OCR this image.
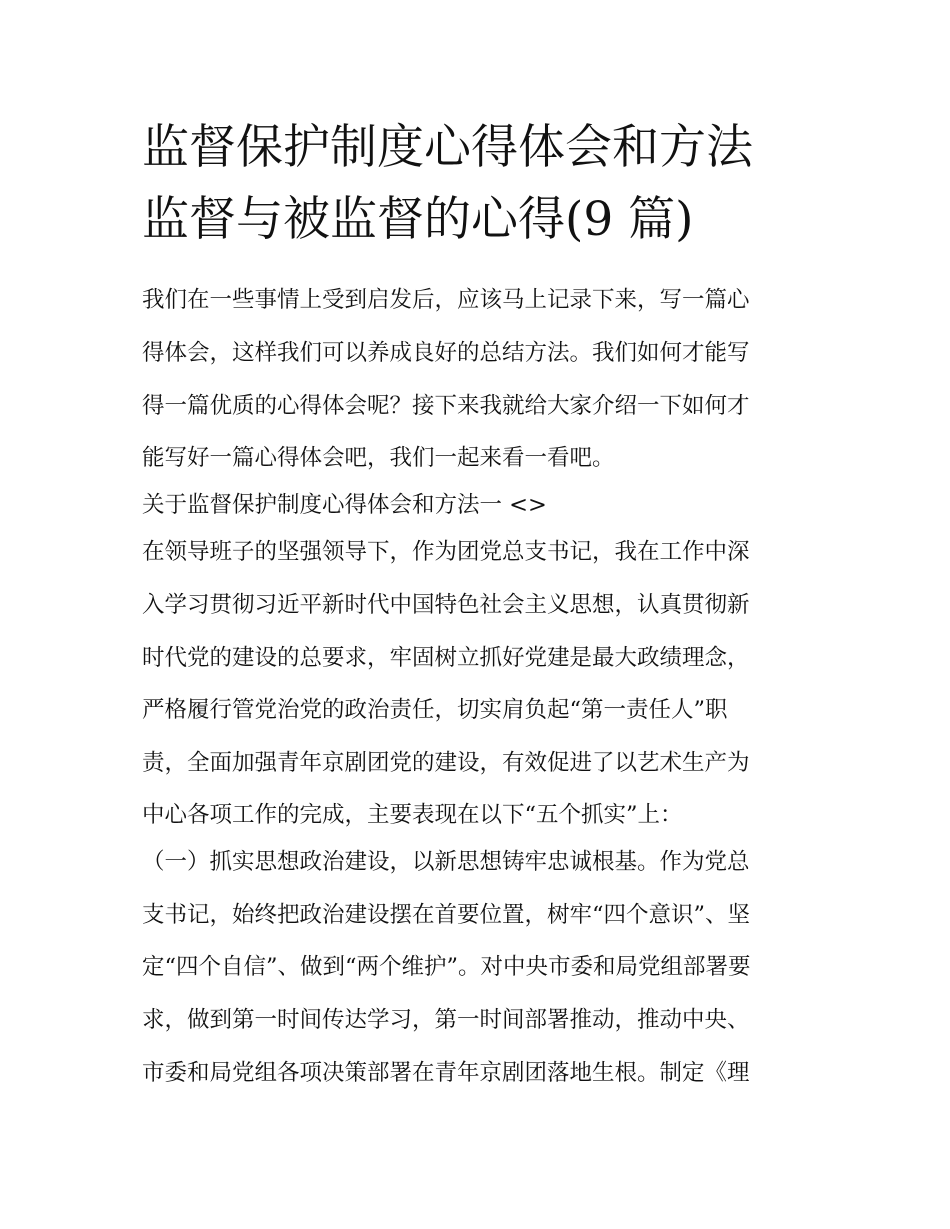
监督保护制度心得体会和方法
监督与被监督的心得(9 篇)

我们在一些事情上受到启发后，应该马上记录下来，写一篇心

得体会，这样我们可以养成良好的总结方法。我们如何才能写

得一篇优质的心得体会呢？接下来我就给大家介绍一下如何才

能写好一篇心得体会吧，我们一起来看一看吧。

关于监督保护制度心得体会和方法一 <>

在领导班子的坚强领导下，作为团党总支书记，我在工作中深

入学习贯彻习近平新时代中国特色社会主义思想，认真贯彻新

时代党的建设的总要求，牢固树立抓好党建是最大政绩理念，

严格履行管党治党的政治责任，切实肩负起“第一责任人”职

责，全面加强青年京剧团党的建设，有效促进了以艺术生产为

中心各项工作的完成，主要表现在以下“五个抓实”上：

（一）抓实思想政治建设，以新思想铸牢忠诚根基。作为党总

支书记，始终把政治建设摆在首要位置，树牢“四个意识”、坚

定“四个自信”、做到“两个维护”。对中央市委和局党组部署要

求，做到第一时间传达学习，第一时间部署推动，推动中央、

市委和局党组各项决策部署在青年京剧团落地生根。制定《理
